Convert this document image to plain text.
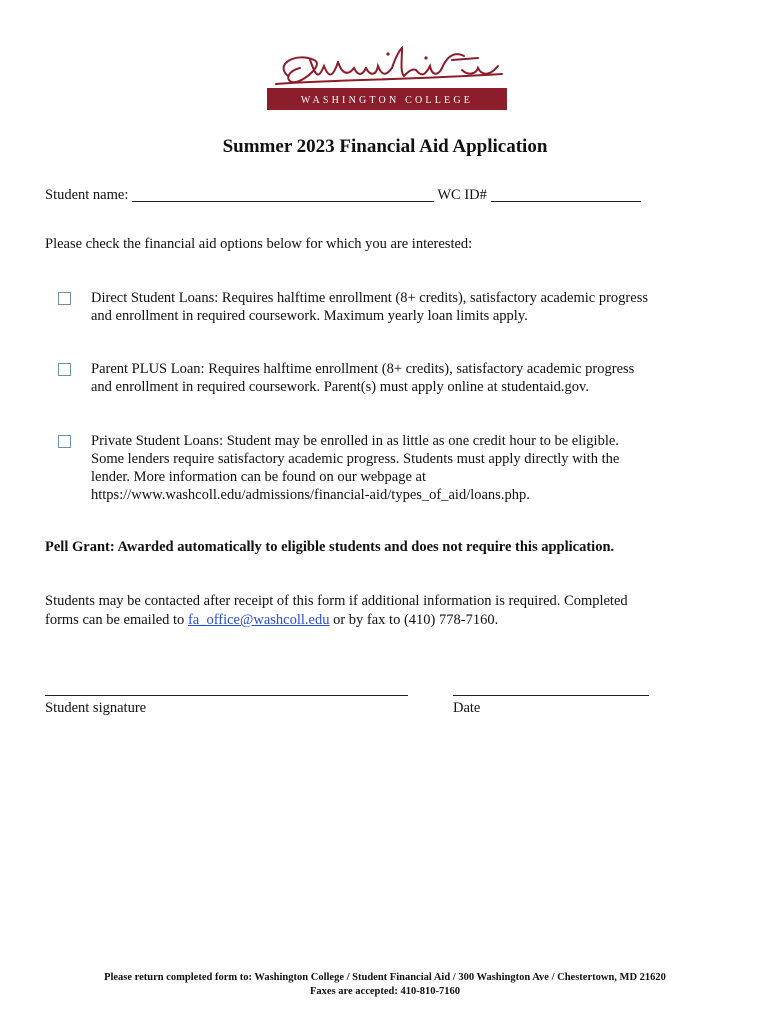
WASHINGTON COLLEGE
Summer 2023 Financial Aid Application
Student name:	WC ID#
Please check the financial aid options below for which you are interested:
Direct Student Loans: Requires halftime enrollment (8+ credits), satisfactory academic progress
and enrollment in required coursework. Maximum yearly loan limits apply.
Parent PLUS Loan: Requires halftime enrollment (8+ credits), satisfactory academic progress
and enrollment in required coursework. Parent(s) must apply online at studentaid.gov.
Private Student Loans: Student may be enrolled in as little as one credit hour to be eligible.
Some lenders require satisfactory academic progress. Students must apply directly with the
lender. More information can be found on our webpage at
https://www.washcoll.edu/admissions/financial-aid/types_of_aid/loans.php.
Pell Grant: Awarded automatically to eligible students and does not require this application.
Students may be contacted after receipt of this form if additional information is required. Completed
forms can be emailed to fa_office@washcoll.edu or by fax to (410) 778-7160.
Student signature	Date
Please return completed form to: Washington College / Student Financial Aid / 300 Washington Ave / Chestertown, MD 21620
Faxes are accepted: 410-810-7160
